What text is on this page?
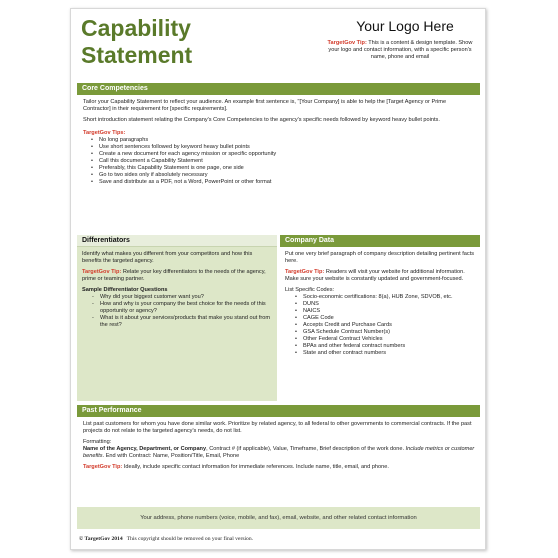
Capability
Statement
Your Logo Here
TargetGov Tip: This is a content & design template. Show your logo and contact information, with a specific person's name, phone and email
Core Competencies

Tailor your Capability Statement to reflect your audience. An example first sentence is, "[Your Company] is able to help the [Target Agency or Prime Contractor] in their requirement for [specific requirements].

Short introduction statement relating the Company's Core Competencies to the agency's specific needs followed by keyword heavy bullet points.

TargetGov Tips:
• No long paragraphs
• Use short sentences followed by keyword heavy bullet points
• Create a new document for each agency mission or specific opportunity
• Call this document a Capability Statement
• Preferably, this Capability Statement is one page, one side
• Go to two sides only if absolutely necessary
• Save and distribute as a PDF, not a Word, PowerPoint or other format
Differentiators

Identify what makes you different from your competitors and how this benefits the targeted agency.

TargetGov Tip: Relate your key differentiators to the needs of the agency, prime or teaming partner.

Sample Differentiator Questions
- Why did your biggest customer want you?
- How and why is your company the best choice for the needs of this opportunity or agency?
- What is it about your services/products that make you stand out from the rest?
Company Data

Put one very brief paragraph of company description detailing pertinent facts here.

TargetGov Tip: Readers will visit your website for additional information. Make sure your website is constantly updated and government-focused.

List Specific Codes:
• Socio-economic certifications: 8(a), HUB Zone, SDVOB, etc.
• DUNS
• NAICS
• CAGE Code
• Accepts Credit and Purchase Cards
• GSA Schedule Contract Number(s)
• Other Federal Contract Vehicles
• BPAs and other federal contract numbers
• State and other contract numbers
Past Performance

List past customers for whom you have done similar work. Prioritize by related agency, to all federal to other governments to commercial contracts. If the past projects do not relate to the targeted agency's needs, do not list.

Formatting:

Name of the Agency, Department, or Company, Contract # (if applicable), Value, Timeframe, Brief description of the work done. Include metrics or customer benefits. End with Contract: Name, Position/Title, Email, Phone

TargetGov Tip: Ideally, include specific contact information for immediate references. Include name, title, email, and phone.

Your address, phone numbers (voice, mobile, and fax), email, website, and other related contact information
© TargetGov 2014   This copyright should be removed on your final version.
